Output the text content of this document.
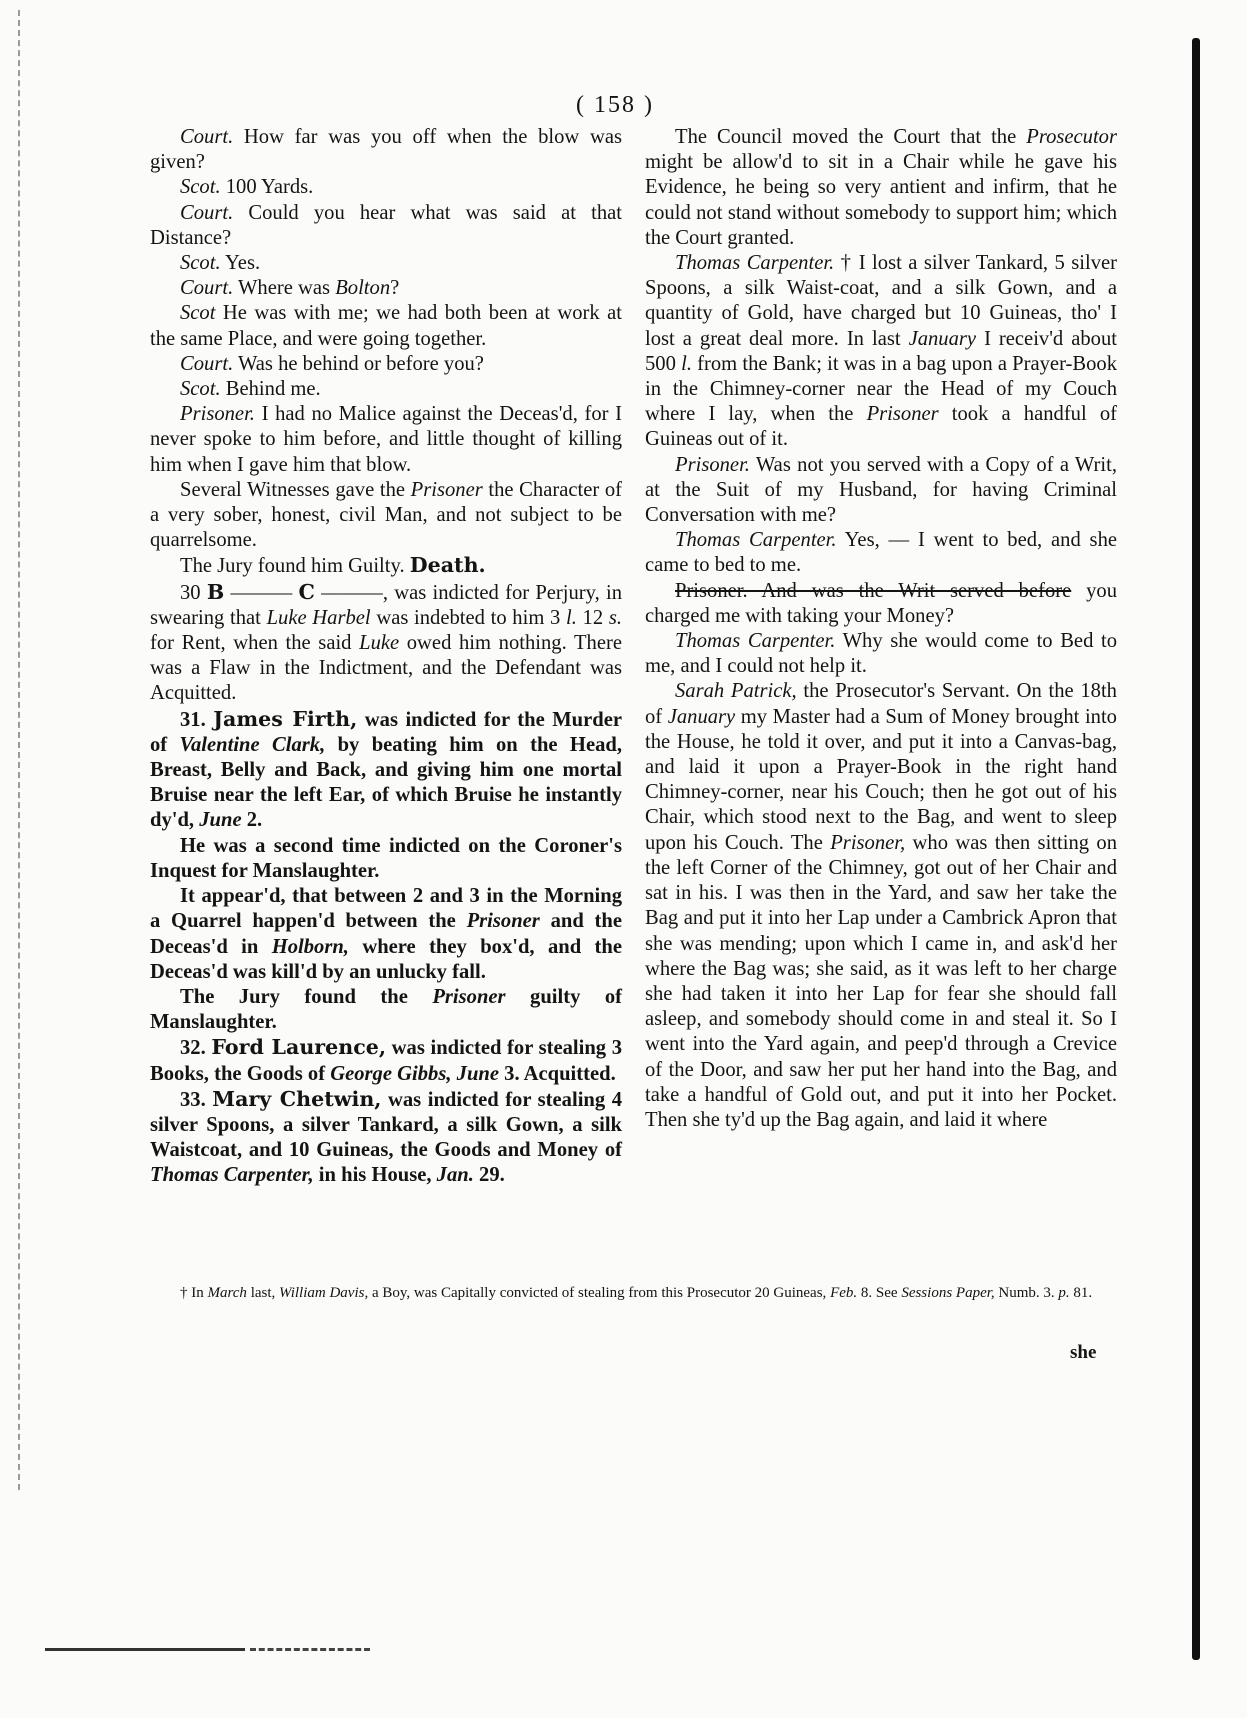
( 158 )

Court. How far was you off when the blow was given?

Scot. 100 Yards.

Court. Could you hear what was said at that Distance?

Scot. Yes.

Court. Where was Bolton?

Scot He was with me; we had both been at work at the same Place, and were going together.

Court. Was he behind or before you?

Scot. Behind me.

Prisoner. I had no Malice against the Deceas'd, for I never spoke to him before, and little thought of killing him when I gave him that blow.

Several Witnesses gave the Prisoner the Character of a very sober, honest, civil Man, and not subject to be quarrelsome.

The Jury found him Guilty. Death.

30 B ——— C ———, was indicted for Perjury, in swearing that Luke Harbel was indebted to him 3 l. 12 s. for Rent, when the said Luke owed him nothing. There was a Flaw in the Indictment, and the Defendant was Acquitted.

31. James Firth, was indicted for the Murder of Valentine Clark, by beating him on the Head, Breast, Belly and Back, and giving him one mortal Bruise near the left Ear, of which Bruise he instantly dy'd, June 2.

He was a second time indicted on the Coroner's Inquest for Manslaughter.

It appear'd, that between 2 and 3 in the Morning a Quarrel happen'd between the Prisoner and the Deceas'd in Holborn, where they box'd, and the Deceas'd was kill'd by an unlucky fall.

The Jury found the Prisoner guilty of Manslaughter.

32. Ford Laurence, was indicted for stealing 3 Books, the Goods of George Gibbs, June 3. Acquitted.

33. Mary Chetwin, was indicted for stealing 4 silver Spoons, a silver Tankard, a silk Gown, a silk Waistcoat, and 10 Guineas, the Goods and Money of Thomas Carpenter, in his House, Jan. 29.

The Council moved the Court that the Prosecutor might be allow'd to sit in a Chair while he gave his Evidence, he being so very antient and infirm, that he could not stand without somebody to support him; which the Court granted.

Thomas Carpenter. † I lost a silver Tankard, 5 silver Spoons, a silk Waist-coat, and a silk Gown, and a quantity of Gold, have charged but 10 Guineas, tho' I lost a great deal more. In last January I receiv'd about 500 l. from the Bank; it was in a bag upon a Prayer-Book in the Chimney-corner near the Head of my Couch where I lay, when the Prisoner took a handful of Guineas out of it.

Prisoner. Was not you served with a Copy of a Writ, at the Suit of my Husband, for having Criminal Conversation with me?

Thomas Carpenter. Yes, — I went to bed, and she came to bed to me.

Prisoner. And was the Writ served before you charged me with taking your Money?

Thomas Carpenter. Why she would come to Bed to me, and I could not help it.

Sarah Patrick, the Prosecutor's Servant. On the 18th of January my Master had a Sum of Money brought into the House, he told it over, and put it into a Canvas-bag, and laid it upon a Prayer-Book in the right hand Chimney-corner, near his Couch; then he got out of his Chair, which stood next to the Bag, and went to sleep upon his Couch. The Prisoner, who was then sitting on the left Corner of the Chimney, got out of her Chair and sat in his. I was then in the Yard, and saw her take the Bag and put it into her Lap under a Cambrick Apron that she was mending; upon which I came in, and ask'd her where the Bag was; she said, as it was left to her charge she had taken it into her Lap for fear she should fall asleep, and somebody should come in and steal it. So I went into the Yard again, and peep'd through a Crevice of the Door, and saw her put her hand into the Bag, and take a handful of Gold out, and put it into her Pocket. Then she ty'd up the Bag again, and laid it where

† In March last, William Davis, a Boy, was Capitally convicted of stealing from this Prosecutor 20 Guineas, Feb. 8. See Sessions Paper, Numb. 3. p. 81.
she
